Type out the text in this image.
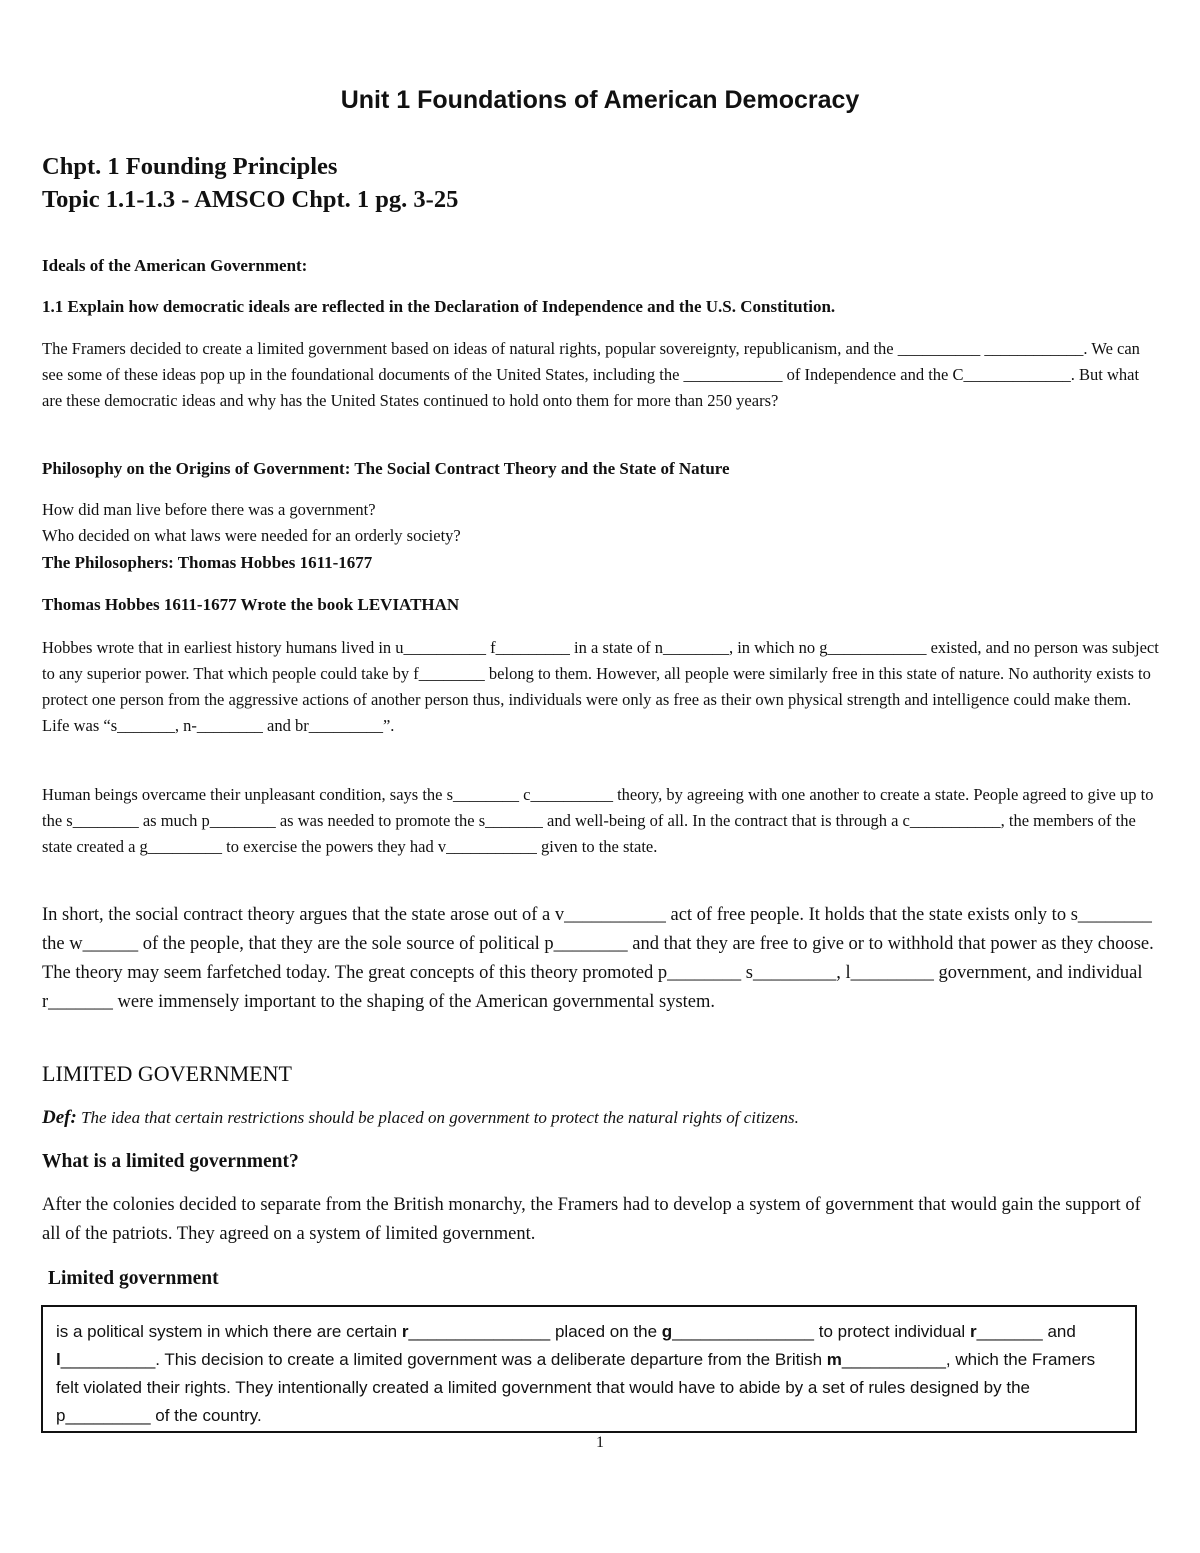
Unit 1 Foundations of American Democracy
Chpt. 1 Founding Principles
Topic 1.1-1.3 - AMSCO Chpt. 1 pg. 3-25

Ideals of the American Government:

1.1 Explain how democratic ideals are reflected in the Declaration of Independence and the U.S. Constitution.

The Framers decided to create a limited government based on ideas of natural rights, popular sovereignty, republicanism, and the __________ ____________. We can see some of these ideas pop up in the foundational documents of the United States, including the ____________ of Independence and the C_____________. But what are these democratic ideas and why has the United States continued to hold onto them for more than 250 years?

Philosophy on the Origins of Government: The Social Contract Theory and the State of Nature

How did man live before there was a government?

Who decided on what laws were needed for an orderly society?

The Philosophers: Thomas Hobbes 1611-1677

Thomas Hobbes 1611-1677 Wrote the book LEVIATHAN

Hobbes wrote that in earliest history humans lived in u__________ f_________ in a state of n________, in which no g____________ existed, and no person was subject to any superior power. That which people could take by f________ belong to them. However, all people were similarly free in this state of nature. No authority exists to protect one person from the aggressive actions of another person thus, individuals were only as free as their own physical strength and intelligence could make them. Life was “s_______, n-________ and br_________”.

Human beings overcame their unpleasant condition, says the s________ c__________ theory, by agreeing with one another to create a state. People agreed to give up to the s________ as much p________ as was needed to promote the s_______ and well-being of all. In the contract that is through a c___________, the members of the state created a g_________ to exercise the powers they had v___________ given to the state.

In short, the social contract theory argues that the state arose out of a v___________ act of free people. It holds that the state exists only to s________ the w______ of the people, that they are the sole source of political p________ and that they are free to give or to withhold that power as they choose. The theory may seem farfetched today. The great concepts of this theory promoted p________ s_________, l_________ government, and individual r_______ were immensely important to the shaping of the American governmental system.

LIMITED GOVERNMENT

Def: The idea that certain restrictions should be placed on government to protect the natural rights of citizens.

What is a limited government?

After the colonies decided to separate from the British monarchy, the Framers had to develop a system of government that would gain the support of all of the patriots. They agreed on a system of limited government.

Limited government

is a political system in which there are certain r_______________ placed on the g_______________ to protect individual r_______ and l__________. This decision to create a limited government was a deliberate departure from the British m___________, which the Framers felt violated their rights. They intentionally created a limited government that would have to abide by a set of rules designed by the p_________ of the country.

1
